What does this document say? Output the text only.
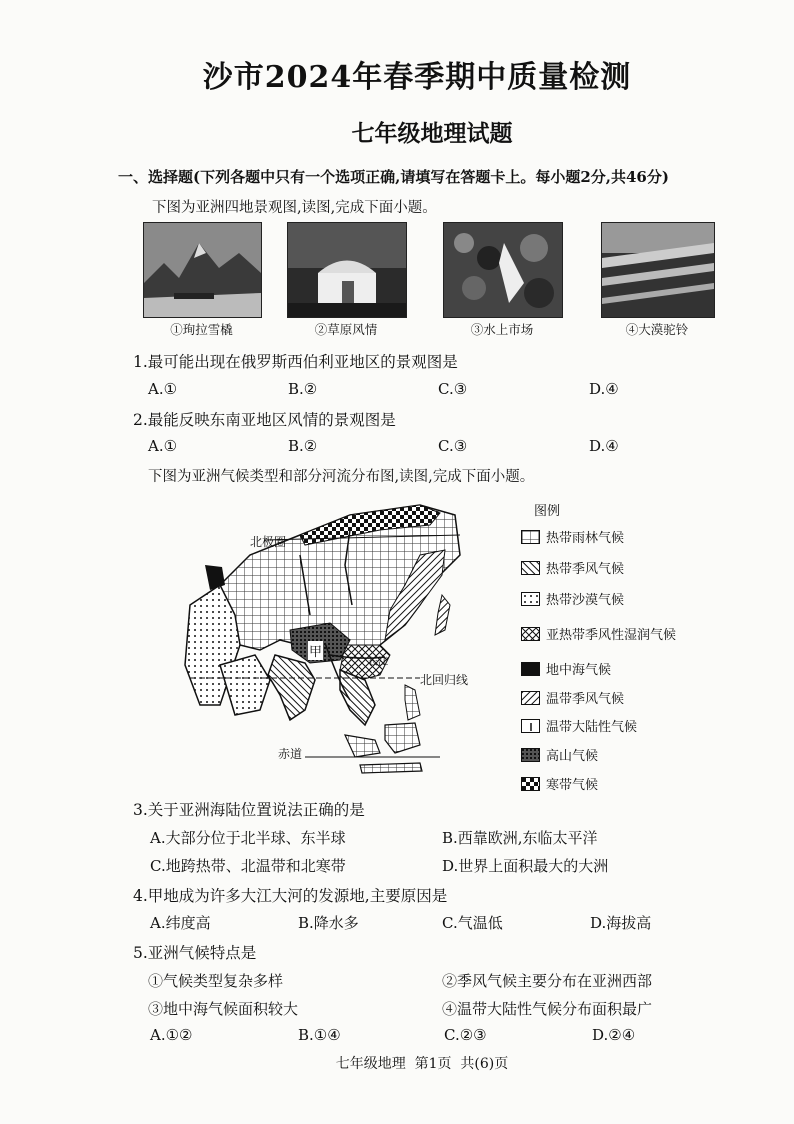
沙市2024年春季期中质量检测
七年级地理试题
一、选择题(下列各题中只有一个选项正确,请填写在答题卡上。每小题2分,共46分)
下图为亚洲四地景观图,读图,完成下面小题。
①珣拉雪橇	②草原风情	③水上市场	④大漠驼铃
1.最可能出现在俄罗斯西伯利亚地区的景观图是
A.①	B.②	C.③	D.④
2.最能反映东南亚地区风情的景观图是
A.①	B.②	C.③	D.④
下图为亚洲气候类型和部分河流分布图,读图,完成下面小题。
北极圈
北回归线
赤道
甲
长江
图例
热带雨林气候
热带季风气候
热带沙漠气候
亚热带季风性湿润气候
地中海气候
温带季风气候
温带大陆性气候
高山气候
寒带气候
3.关于亚洲海陆位置说法正确的是
A.大部分位于北半球、东半球	B.西靠欧洲,东临太平洋
C.地跨热带、北温带和北寒带	D.世界上面积最大的大洲
4.甲地成为许多大江大河的发源地,主要原因是
A.纬度高	B.降水多	C.气温低	D.海拔高
5.亚洲气候特点是
①气候类型复杂多样	②季风气候主要分布在亚洲西部
③地中海气候面积较大	④温带大陆性气候分布面积最广
A.①②	B.①④	C.②③	D.②④
七年级地理  第1页  共(6)页
